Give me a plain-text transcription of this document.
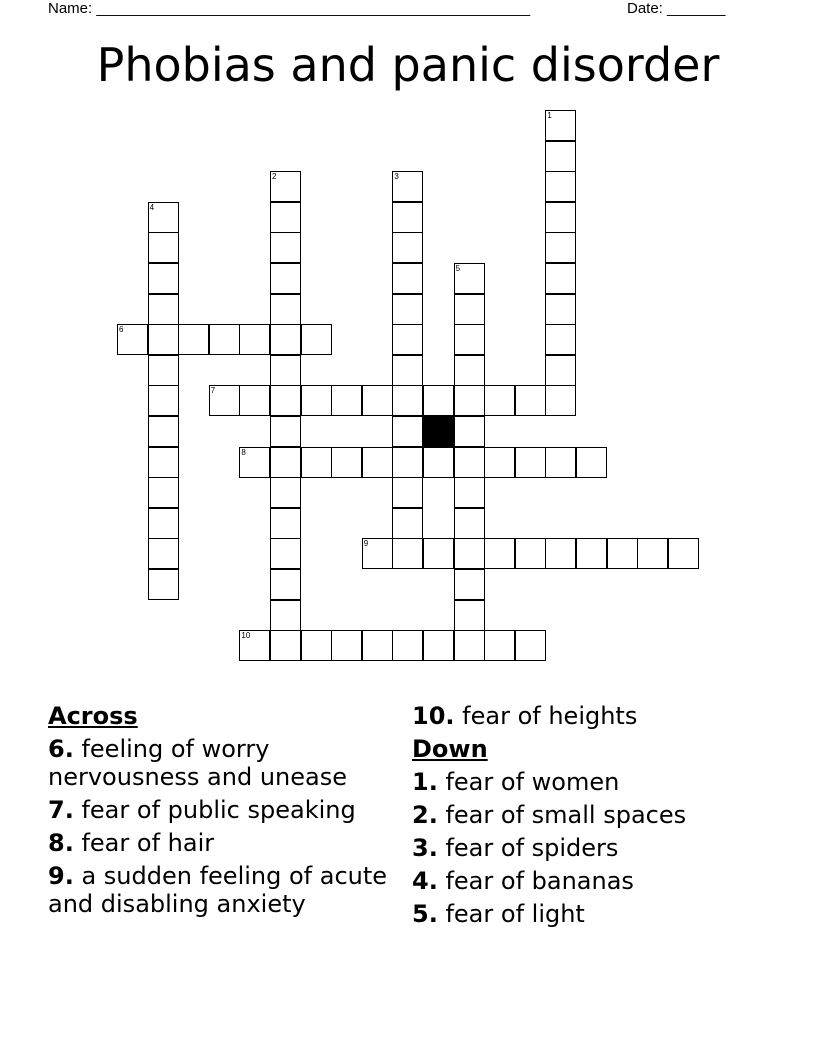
Name: ____________________________________________________	Date: _______
Phobias and panic disorder
1
2	3
4
5
6
7
8
9
10
Across
6. feeling of worry nervousness and unease
7. fear of public speaking
8. fear of hair
9. a sudden feeling of acute and disabling anxiety
10. fear of heights
Down
1. fear of women
2. fear of small spaces
3. fear of spiders
4. fear of bananas
5. fear of light
